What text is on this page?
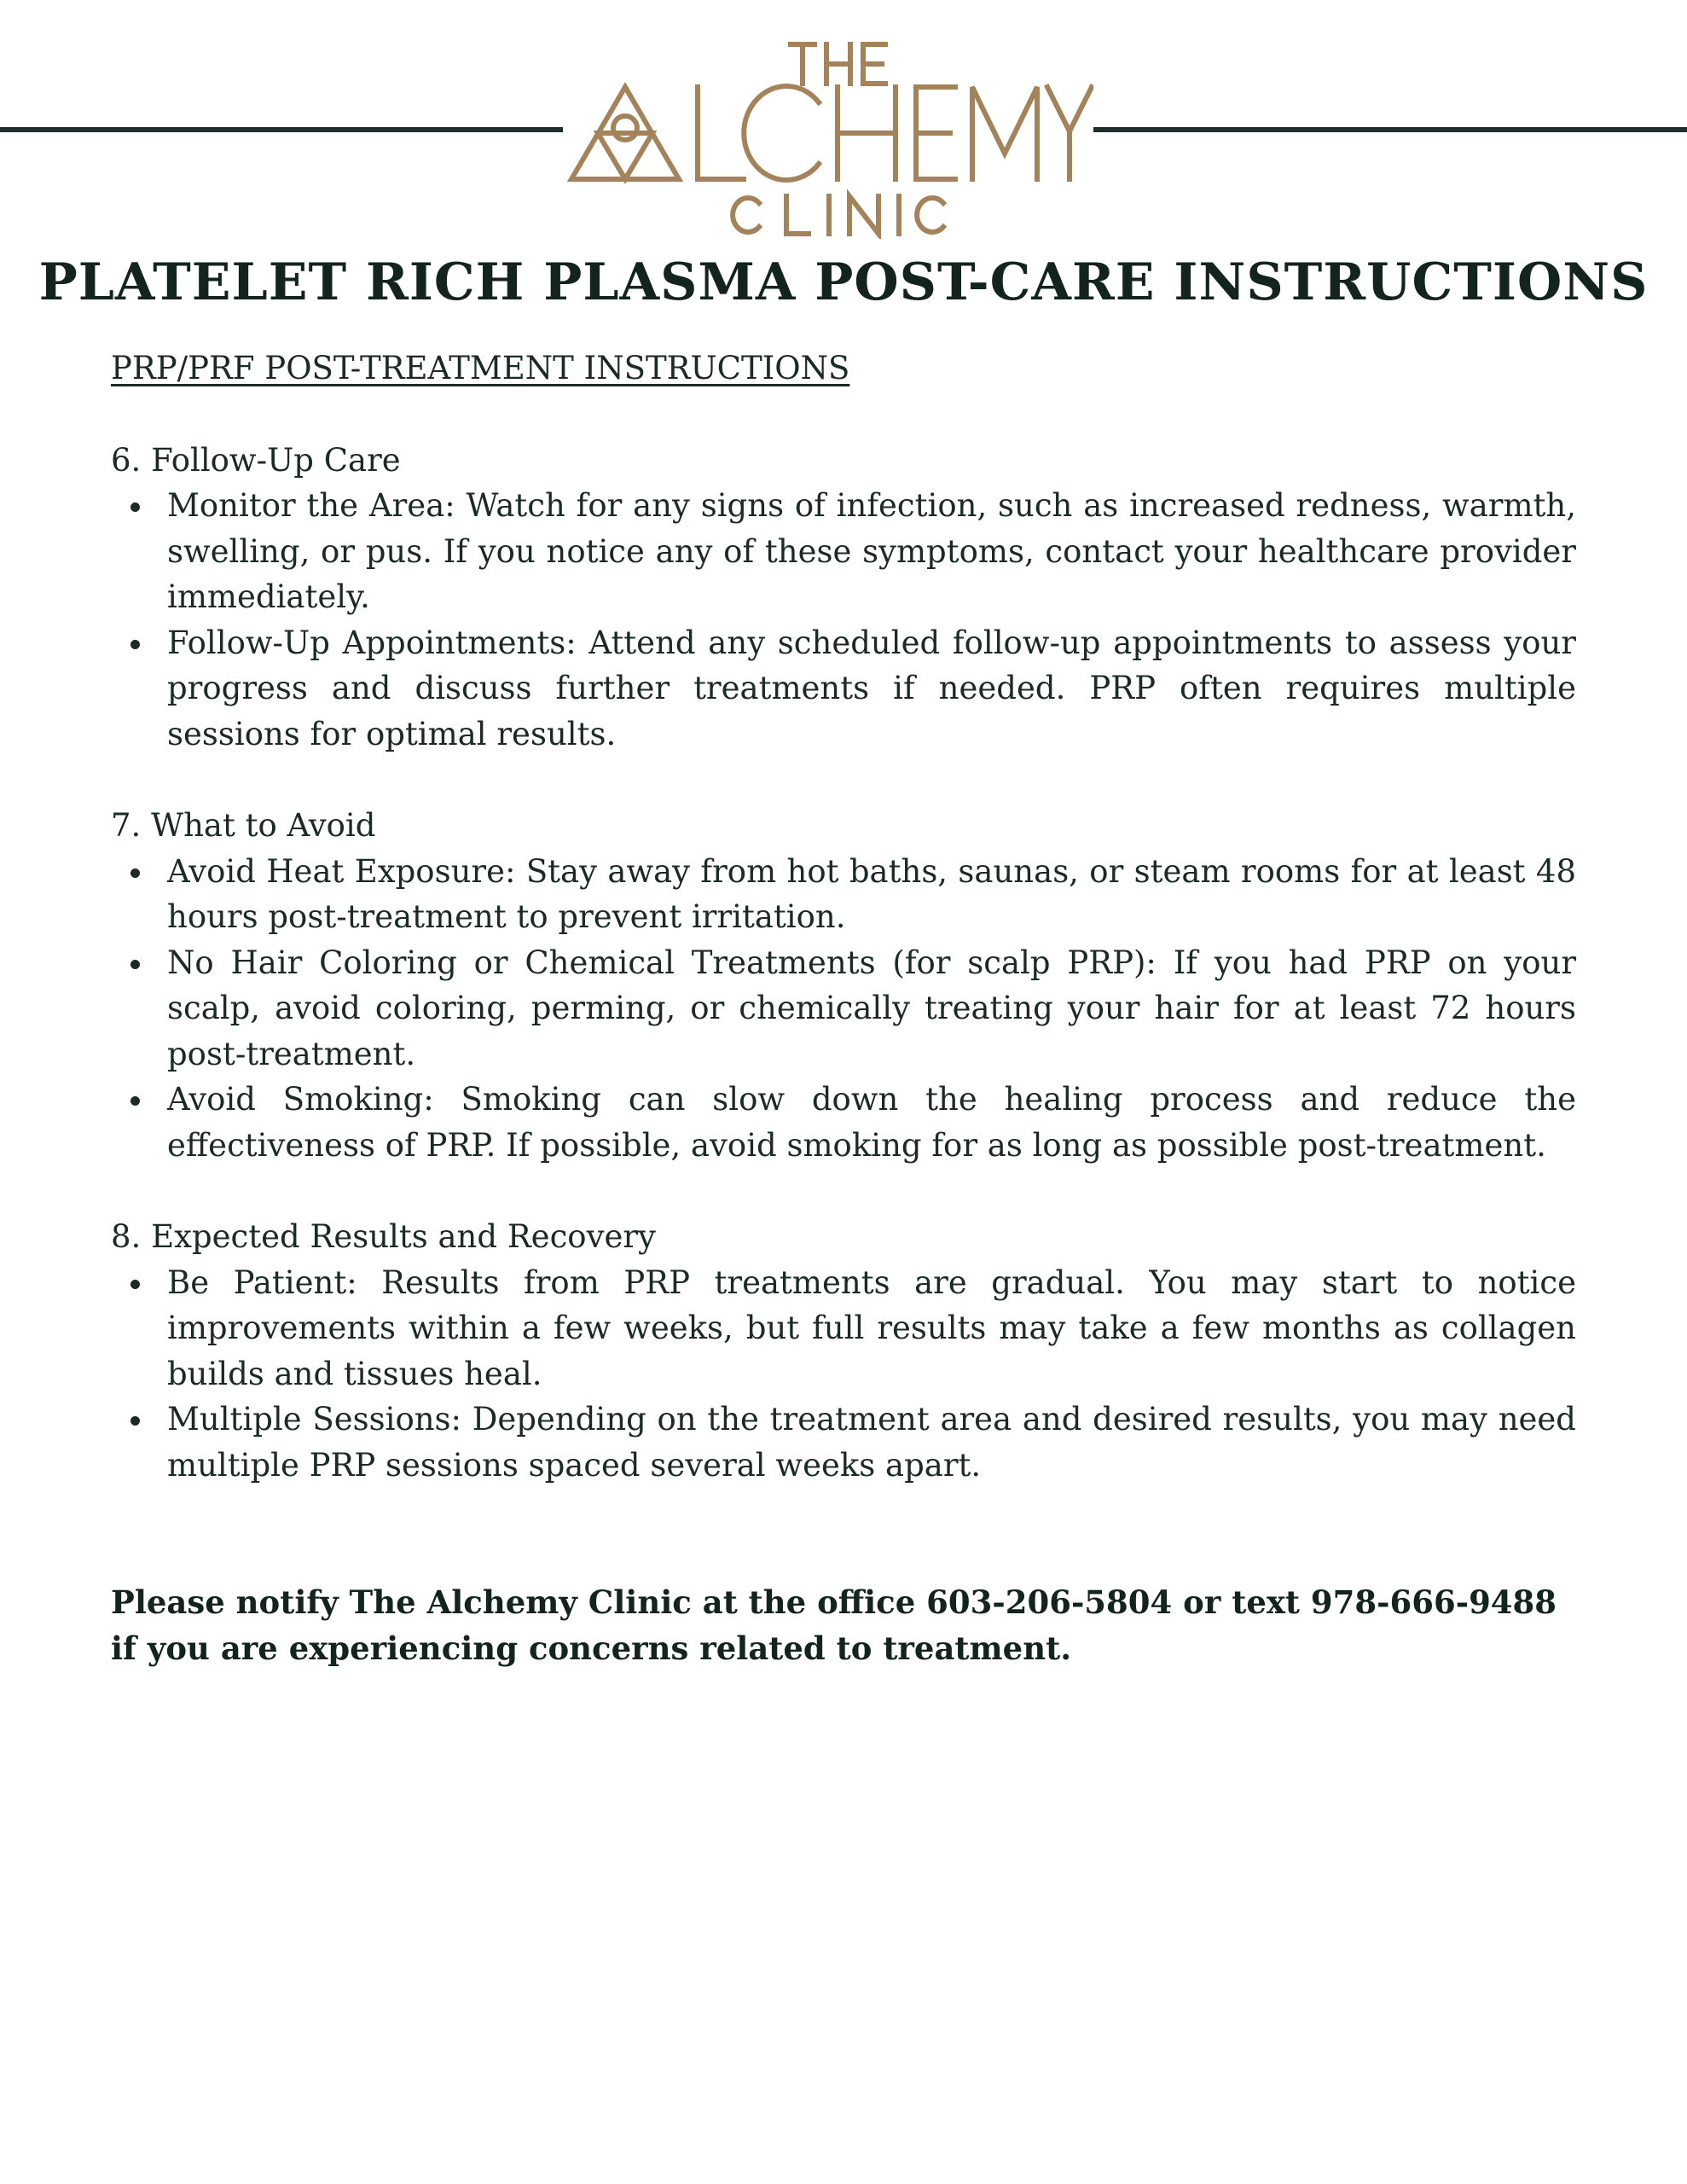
PLATELET RICH PLASMA POST-CARE INSTRUCTIONS
PRP/PRF POST-TREATMENT INSTRUCTIONS
6. Follow-Up Care
Monitor the Area: Watch for any signs of infection, such as increased redness, warmth, swelling, or pus. If you notice any of these symptoms, contact your healthcare provider immediately.
Follow-Up Appointments: Attend any scheduled follow-up appointments to assess your progress and discuss further treatments if needed. PRP often requires multiple sessions for optimal results.
7. What to Avoid
Avoid Heat Exposure: Stay away from hot baths, saunas, or steam rooms for at least 48 hours post-treatment to prevent irritation.
No Hair Coloring or Chemical Treatments (for scalp PRP): If you had PRP on your scalp, avoid coloring, perming, or chemically treating your hair for at least 72 hours post-treatment.
Avoid Smoking: Smoking can slow down the healing process and reduce the effectiveness of PRP. If possible, avoid smoking for as long as possible post-treatment.
8. Expected Results and Recovery
Be Patient: Results from PRP treatments are gradual. You may start to notice improvements within a few weeks, but full results may take a few months as collagen builds and tissues heal.
Multiple Sessions: Depending on the treatment area and desired results, you may need multiple PRP sessions spaced several weeks apart.
Please notify The Alchemy Clinic at the office 603-206-5804 or text 978-666-9488 if you are experiencing concerns related to treatment.
